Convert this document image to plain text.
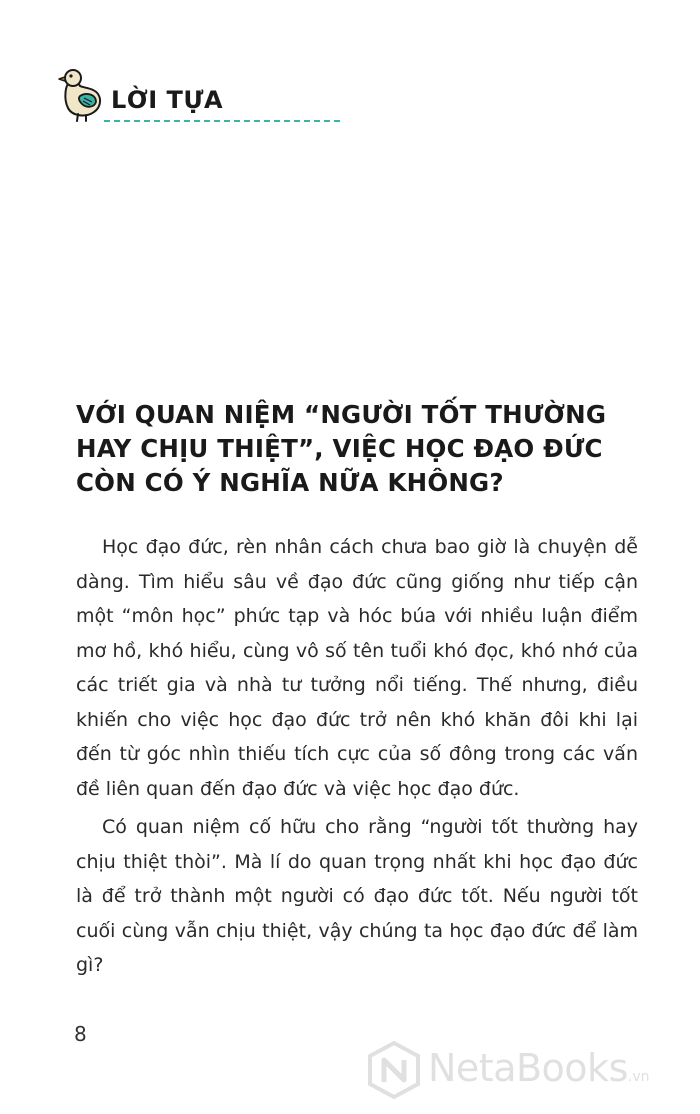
LỜI TỰA
VỚI QUAN NIỆM “NGƯỜI TỐT THƯỜNG HAY CHỊU THIỆT”, VIỆC HỌC ĐẠO ĐỨC CÒN CÓ Ý NGHĨA NỮA KHÔNG?

Học đạo đức, rèn nhân cách chưa bao giờ là chuyện dễ dàng. Tìm hiểu sâu về đạo đức cũng giống như tiếp cận một “môn học” phức tạp và hóc búa với nhiều luận điểm mơ hồ, khó hiểu, cùng vô số tên tuổi khó đọc, khó nhớ của các triết gia và nhà tư tưởng nổi tiếng. Thế nhưng, điều khiến cho việc học đạo đức trở nên khó khăn đôi khi lại đến từ góc nhìn thiếu tích cực của số đông trong các vấn đề liên quan đến đạo đức và việc học đạo đức.

Có quan niệm cố hữu cho rằng “người tốt thường hay chịu thiệt thòi”. Mà lí do quan trọng nhất khi học đạo đức là để trở thành một người có đạo đức tốt. Nếu người tốt cuối cùng vẫn chịu thiệt, vậy chúng ta học đạo đức để làm gì?

8
NetaBooks.vn
